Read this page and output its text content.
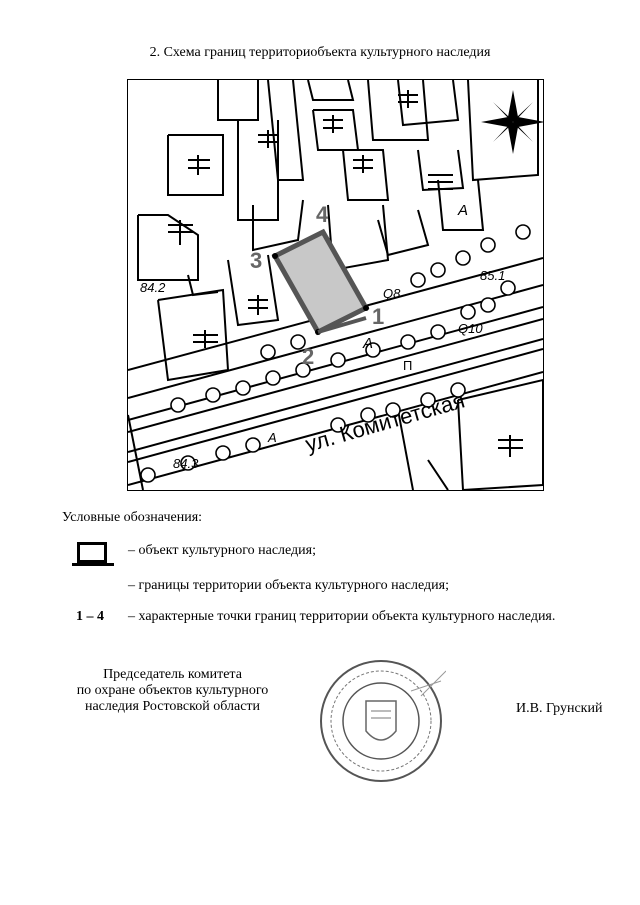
2. Схема границ территориобъекта культурного наследия
ул. Комитетская
84.2
84.3
85.1
Q8
Q10
A
A
A
П
1
2
3
4
Условные обозначения:
– объект культурного наследия;
– границы территории объекта культурного наследия;
1 – 4 – характерные точки границ территории объекта культурного наследия.
Председатель комитета
по охране объектов культурного
наследия Ростовской области	И.В. Грунский
